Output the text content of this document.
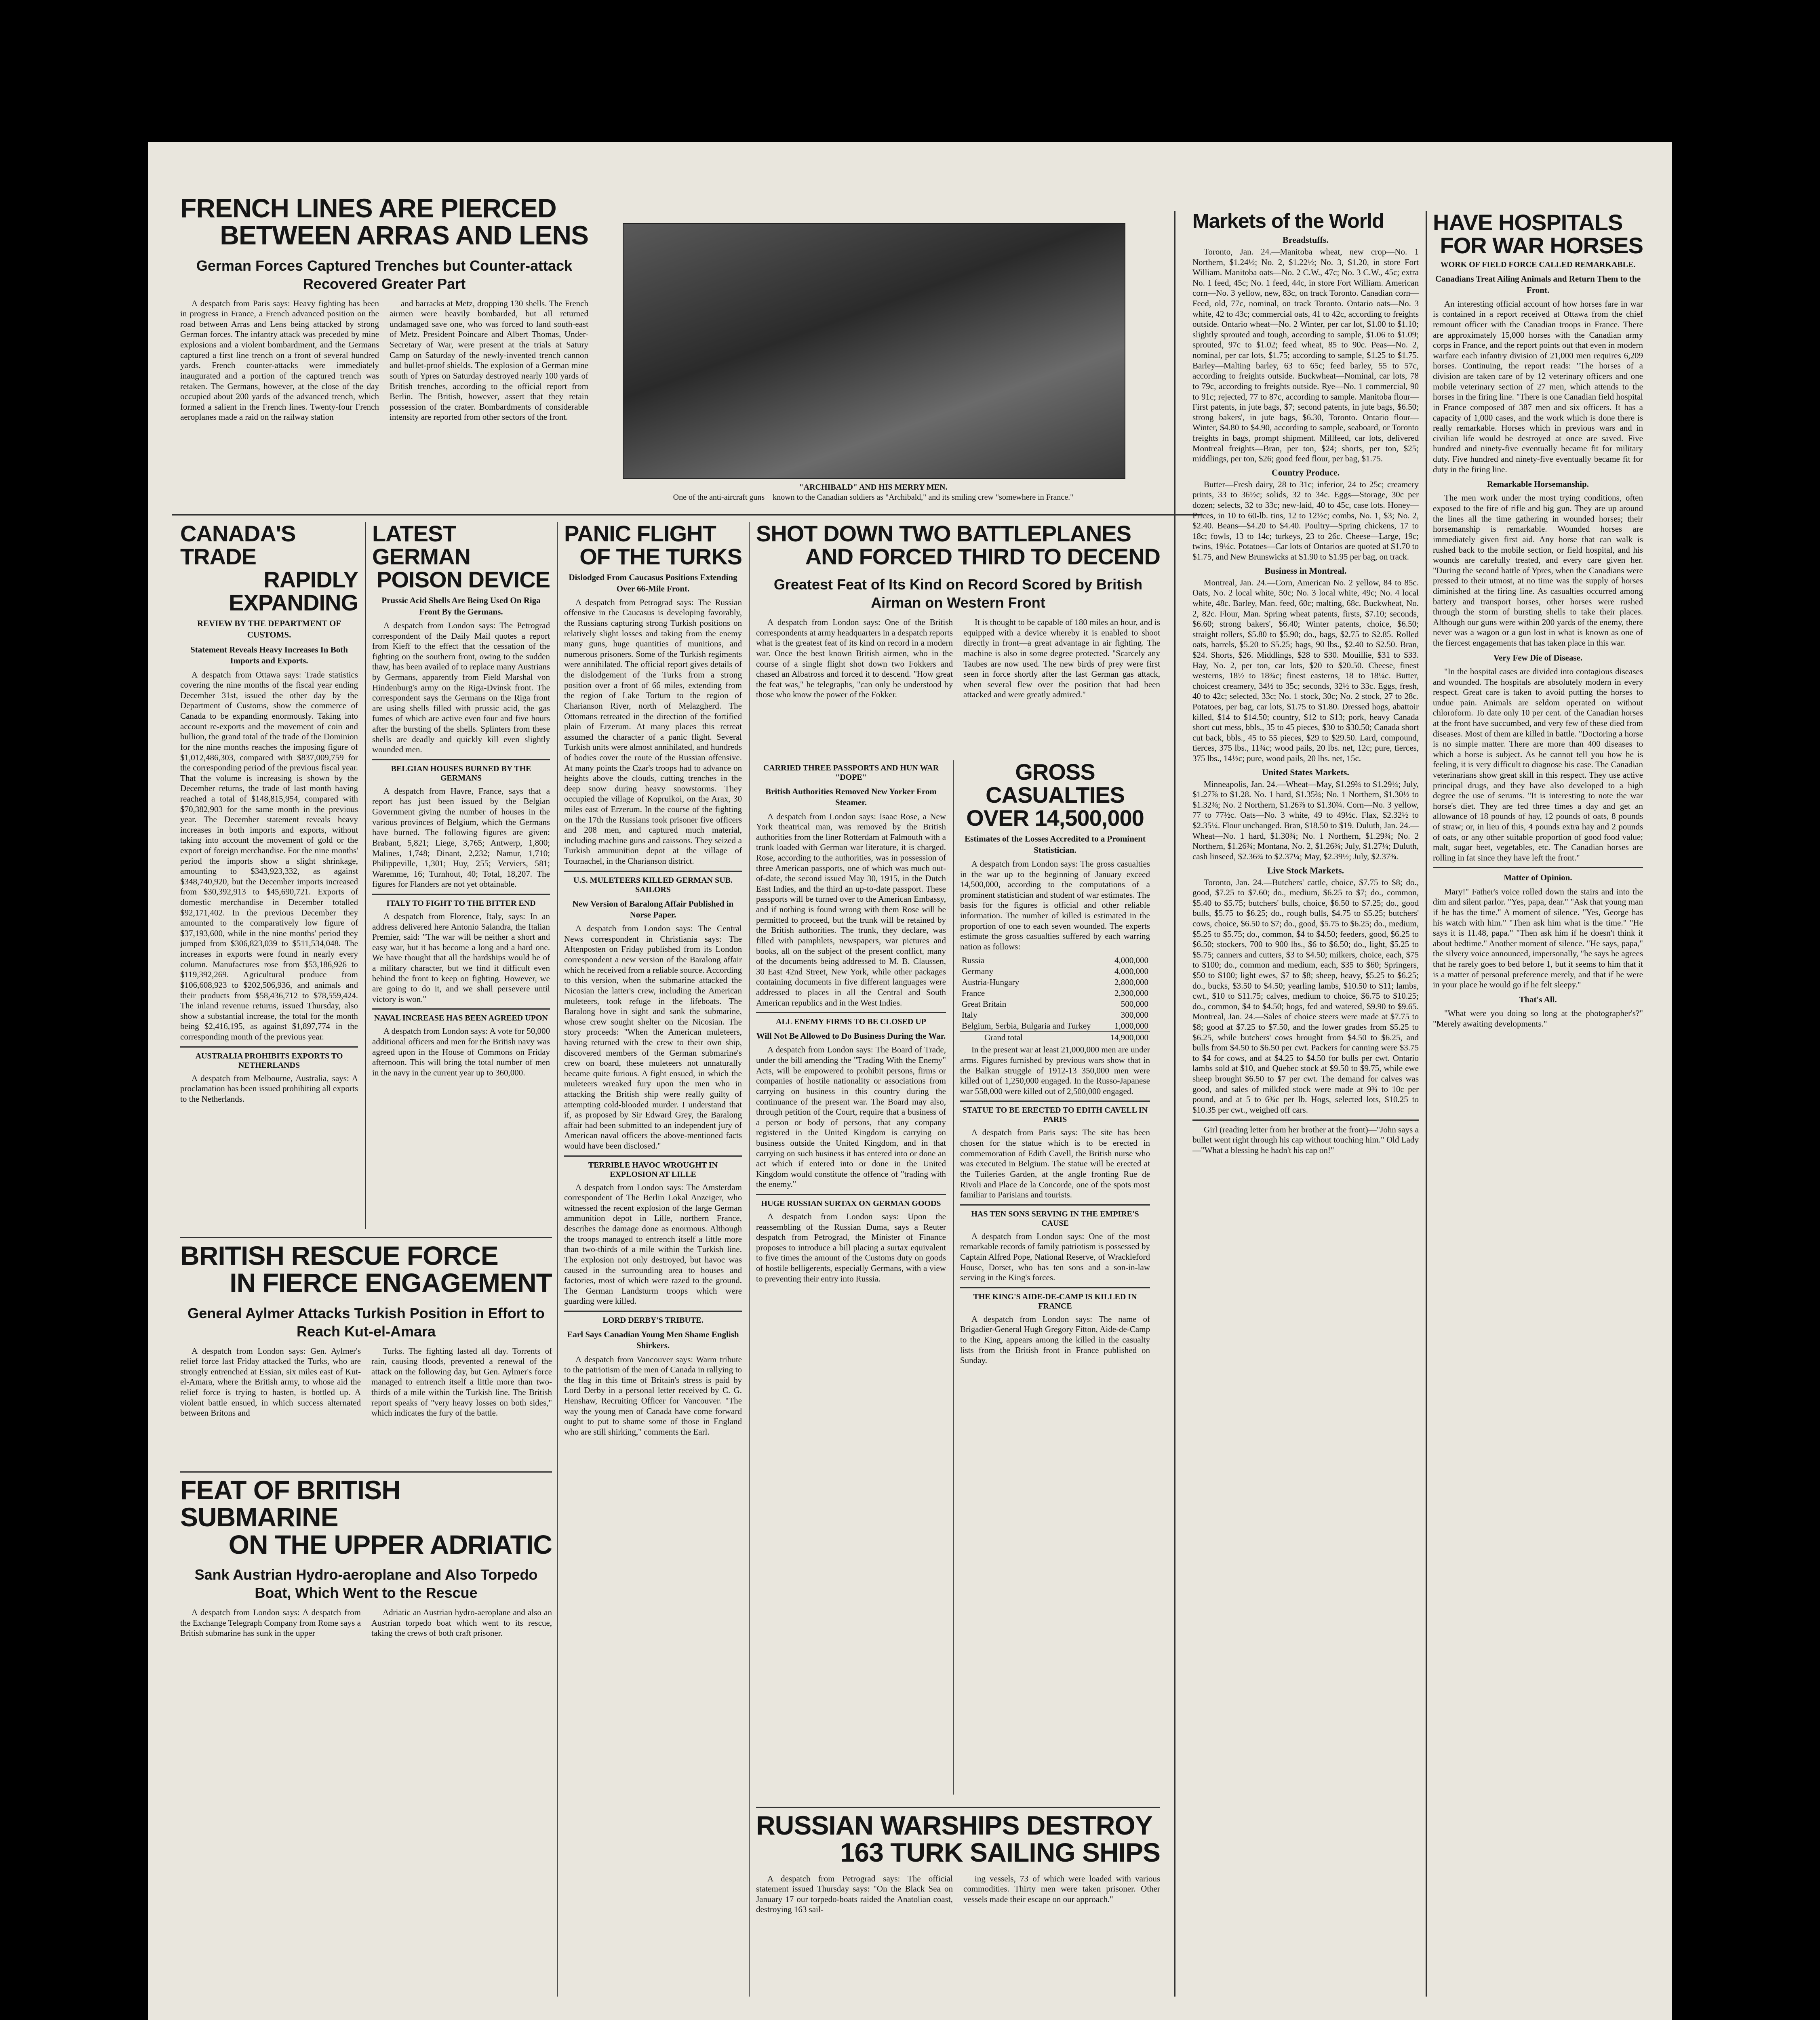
FRENCH LINES ARE PIERCED
BETWEEN ARRAS AND LENS
German Forces Captured Trenches but Counter-attack Recovered Greater Part

A despatch from Paris says: Heavy fighting has been in progress in France, a French advanced position on the road between Arras and Lens being attacked by strong German forces. The infantry attack was preceded by mine explosions and a violent bombardment, and the Germans captured a first line trench on a front of several hundred yards. French counter-attacks were immediately inaugurated and a portion of the captured trench was retaken. The Germans, however, at the close of the day occupied about 200 yards of the advanced trench, which formed a salient in the French lines. Twenty-four French aeroplanes made a raid on the railway station

and barracks at Metz, dropping 130 shells. The French airmen were heavily bombarded, but all returned undamaged save one, who was forced to land south-east of Metz. President Poincare and Albert Thomas, Under-Secretary of War, were present at the trials at Satury Camp on Saturday of the newly-invented trench cannon and bullet-proof shields. The explosion of a German mine south of Ypres on Saturday destroyed nearly 100 yards of British trenches, according to the official report from Berlin. The British, however, assert that they retain possession of the crater. Bombardments of considerable intensity are reported from other sectors of the front.

"ARCHIBALD" AND HIS MERRY MEN.
One of the anti-aircraft guns—known to the Canadian soldiers as "Archibald," and its smiling crew "somewhere in France."
CANADA'S TRADE
RAPIDLY EXPANDING
REVIEW BY THE DEPARTMENT OF CUSTOMS.
Statement Reveals Heavy Increases In Both Imports and Exports.

A despatch from Ottawa says: Trade statistics covering the nine months of the fiscal year ending December 31st, issued the other day by the Department of Customs, show the commerce of Canada to be expanding enormously. Taking into account re-exports and the movement of coin and bullion, the grand total of the trade of the Dominion for the nine months reaches the imposing figure of $1,012,486,303, compared with $837,009,759 for the corresponding period of the previous fiscal year. That the volume is increasing is shown by the December returns, the trade of last month having reached a total of $148,815,954, compared with $70,382,903 for the same month in the previous year. The December statement reveals heavy increases in both imports and exports, without taking into account the movement of gold or the export of foreign merchandise. For the nine months' period the imports show a slight shrinkage, amounting to $343,923,332, as against $348,740,920, but the December imports increased from $30,392,913 to $45,690,721. Exports of domestic merchandise in December totalled $92,171,402. In the previous December they amounted to the comparatively low figure of $37,193,600, while in the nine months' period they jumped from $306,823,039 to $511,534,048. The increases in exports were found in nearly every column. Manufactures rose from $53,186,926 to $119,392,269. Agricultural produce from $106,608,923 to $202,506,936, and animals and their products from $58,436,712 to $78,559,424. The inland revenue returns, issued Thursday, also show a substantial increase, the total for the month being $2,416,195, as against $1,897,774 in the corresponding month of the previous year.

AUSTRALIA PROHIBITS EXPORTS TO NETHERLANDS

A despatch from Melbourne, Australia, says: A proclamation has been issued prohibiting all exports to the Netherlands.

LATEST GERMAN
POISON DEVICE
Prussic Acid Shells Are Being Used On Riga Front By the Germans.

A despatch from London says: The Petrograd correspondent of the Daily Mail quotes a report from Kieff to the effect that the cessation of the fighting on the southern front, owing to the sudden thaw, has been availed of to replace many Austrians by Germans, apparently from Field Marshal von Hindenburg's army on the Riga-Dvinsk front. The correspondent says the Germans on the Riga front are using shells filled with prussic acid, the gas fumes of which are active even four and five hours after the bursting of the shells. Splinters from these shells are deadly and quickly kill even slightly wounded men.

BELGIAN HOUSES BURNED BY THE GERMANS

A despatch from Havre, France, says that a report has just been issued by the Belgian Government giving the number of houses in the various provinces of Belgium, which the Germans have burned. The following figures are given: Brabant, 5,821; Liege, 3,765; Antwerp, 1,800; Malines, 1,748; Dinant, 2,232; Namur, 1,710; Philippeville, 1,301; Huy, 255; Verviers, 581; Waremme, 16; Turnhout, 40; Total, 18,207. The figures for Flanders are not yet obtainable.

ITALY TO FIGHT TO THE BITTER END

A despatch from Florence, Italy, says: In an address delivered here Antonio Salandra, the Italian Premier, said: "The war will be neither a short and easy war, but it has become a long and a hard one. We have thought that all the hardships would be of a military character, but we find it difficult even behind the front to keep on fighting. However, we are going to do it, and we shall persevere until victory is won."

NAVAL INCREASE HAS BEEN AGREED UPON

A despatch from London says: A vote for 50,000 additional officers and men for the British navy was agreed upon in the House of Commons on Friday afternoon. This will bring the total number of men in the navy in the current year up to 360,000.

PANIC FLIGHT
OF THE TURKS
Dislodged From Caucasus Positions Extending Over 66-Mile Front.

A despatch from Petrograd says: The Russian offensive in the Caucasus is developing favorably, the Russians capturing strong Turkish positions on relatively slight losses and taking from the enemy many guns, huge quantities of munitions, and numerous prisoners. Some of the Turkish regiments were annihilated. The official report gives details of the dislodgement of the Turks from a strong position over a front of 66 miles, extending from the region of Lake Tortum to the region of Charianson River, north of Melazgherd. The Ottomans retreated in the direction of the fortified plain of Erzerum. At many places this retreat assumed the character of a panic flight. Several Turkish units were almost annihilated, and hundreds of bodies cover the route of the Russian offensive. At many points the Czar's troops had to advance on heights above the clouds, cutting trenches in the deep snow during heavy snowstorms. They occupied the village of Kopruikoi, on the Arax, 30 miles east of Erzerum. In the course of the fighting on the 17th the Russians took prisoner five officers and 208 men, and captured much material, including machine guns and caissons. They seized a Turkish ammunition depot at the village of Tournachel, in the Charianson district.

U.S. MULETEERS KILLED GERMAN SUB. SAILORS
New Version of Baralong Affair Published in Norse Paper.

A despatch from London says: The Central News correspondent in Christiania says: The Aftenposten on Friday published from its London correspondent a new version of the Baralong affair which he received from a reliable source. According to this version, when the submarine attacked the Nicosian the latter's crew, including the American muleteers, took refuge in the lifeboats. The Baralong hove in sight and sank the submarine, whose crew sought shelter on the Nicosian. The story proceeds: "When the American muleteers, having returned with the crew to their own ship, discovered members of the German submarine's crew on board, these muleteers not unnaturally became quite furious. A fight ensued, in which the muleteers wreaked fury upon the men who in attacking the British ship were really guilty of attempting cold-blooded murder. I understand that if, as proposed by Sir Edward Grey, the Baralong affair had been submitted to an independent jury of American naval officers the above-mentioned facts would have been disclosed."

TERRIBLE HAVOC WROUGHT IN EXPLOSION AT LILLE

A despatch from London says: The Amsterdam correspondent of The Berlin Lokal Anzeiger, who witnessed the recent explosion of the large German ammunition depot in Lille, northern France, describes the damage done as enormous. Although the troops managed to entrench itself a little more than two-thirds of a mile within the Turkish line. The explosion not only destroyed, but havoc was caused in the surrounding area to houses and factories, most of which were razed to the ground. The German Landsturm troops which were guarding were killed.

LORD DERBY'S TRIBUTE.
Earl Says Canadian Young Men Shame English Shirkers.

A despatch from Vancouver says: Warm tribute to the patriotism of the men of Canada in rallying to the flag in this time of Britain's stress is paid by Lord Derby in a personal letter received by C. G. Henshaw, Recruiting Officer for Vancouver. "The way the young men of Canada have come forward ought to put to shame some of those in England who are still shirking," comments the Earl.

SHOT DOWN TWO BATTLEPLANES
AND FORCED THIRD TO DECEND
Greatest Feat of Its Kind on Record Scored by British Airman on Western Front

A despatch from London says: One of the British correspondents at army headquarters in a despatch reports what is the greatest feat of its kind on record in a modern war. Once the best known British airmen, who in the course of a single flight shot down two Fokkers and chased an Albatross and forced it to descend. "How great the feat was," he telegraphs, "can only be understood by those who know the power of the Fokker.

It is thought to be capable of 180 miles an hour, and is equipped with a device whereby it is enabled to shoot directly in front—a great advantage in air fighting. The machine is also in some degree protected. "Scarcely any Taubes are now used. The new birds of prey were first seen in force shortly after the last German gas attack, when several flew over the position that had been attacked and were greatly admired."

CARRIED THREE PASSPORTS AND HUN WAR "DOPE"
British Authorities Removed New Yorker From Steamer.

A despatch from London says: Isaac Rose, a New York theatrical man, was removed by the British authorities from the liner Rotterdam at Falmouth with a trunk loaded with German war literature, it is charged. Rose, according to the authorities, was in possession of three American passports, one of which was much out-of-date, the second issued May 30, 1915, in the Dutch East Indies, and the third an up-to-date passport. These passports will be turned over to the American Embassy, and if nothing is found wrong with them Rose will be permitted to proceed, but the trunk will be retained by the British authorities. The trunk, they declare, was filled with pamphlets, newspapers, war pictures and books, all on the subject of the present conflict, many of the documents being addressed to M. B. Claussen, 30 East 42nd Street, New York, while other packages containing documents in five different languages were addressed to places in all the Central and South American republics and in the West Indies.

ALL ENEMY FIRMS TO BE CLOSED UP
Will Not Be Allowed to Do Business During the War.

A despatch from London says: The Board of Trade, under the bill amending the "Trading With the Enemy" Acts, will be empowered to prohibit persons, firms or companies of hostile nationality or associations from carrying on business in this country during the continuance of the present war. The Board may also, through petition of the Court, require that a business of a person or body of persons, that any company registered in the United Kingdom is carrying on business outside the United Kingdom, and in that carrying on such business it has entered into or done an act which if entered into or done in the United Kingdom would constitute the offence of "trading with the enemy."

HUGE RUSSIAN SURTAX ON GERMAN GOODS

A despatch from London says: Upon the reassembling of the Russian Duma, says a Reuter despatch from Petrograd, the Minister of Finance proposes to introduce a bill placing a surtax equivalent to five times the amount of the Customs duty on goods of hostile belligerents, especially Germans, with a view to preventing their entry into Russia.

GROSS CASUALTIES
OVER 14,500,000
Estimates of the Losses Accredited to a Prominent Statistician.

A despatch from London says: The gross casualties in the war up to the beginning of January exceed 14,500,000, according to the computations of a prominent statistician and student of war estimates. The basis for the figures is official and other reliable information. The number of killed is estimated in the proportion of one to each seven wounded. The experts estimate the gross casualties suffered by each warring nation as follows:

Russia	4,000,000
Germany	4,000,000
Austria-Hungary	2,800,000
France	2,300,000
Great Britain	500,000
Italy	300,000
Belgium, Serbia, Bulgaria and Turkey	1,000,000
Grand total	14,900,000

In the present war at least 21,000,000 men are under arms. Figures furnished by previous wars show that in the Balkan struggle of 1912-13 350,000 men were killed out of 1,250,000 engaged. In the Russo-Japanese war 558,000 were killed out of 2,500,000 engaged.

STATUE TO BE ERECTED TO EDITH CAVELL IN PARIS

A despatch from Paris says: The site has been chosen for the statue which is to be erected in commemoration of Edith Cavell, the British nurse who was executed in Belgium. The statue will be erected at the Tuileries Garden, at the angle fronting Rue de Rivoli and Place de la Concorde, one of the spots most familiar to Parisians and tourists.

HAS TEN SONS SERVING IN THE EMPIRE'S CAUSE

A despatch from London says: One of the most remarkable records of family patriotism is possessed by Captain Alfred Pope, National Reserve, of Wrackleford House, Dorset, who has ten sons and a son-in-law serving in the King's forces.

THE KING'S AIDE-DE-CAMP IS KILLED IN FRANCE

A despatch from London says: The name of Brigadier-General Hugh Gregory Fitton, Aide-de-Camp to the King, appears among the killed in the casualty lists from the British front in France published on Sunday.

Markets of the World
Breadstuffs.

Toronto, Jan. 24.—Manitoba wheat, new crop—No. 1 Northern, $1.24½; No. 2, $1.22½; No. 3, $1.20, in store Fort William. Manitoba oats—No. 2 C.W., 47c; No. 3 C.W., 45c; extra No. 1 feed, 45c; No. 1 feed, 44c, in store Fort William. American corn—No. 3 yellow, new, 83c, on track Toronto. Canadian corn—Feed, old, 77c, nominal, on track Toronto. Ontario oats—No. 3 white, 42 to 43c; commercial oats, 41 to 42c, according to freights outside. Ontario wheat—No. 2 Winter, per car lot, $1.00 to $1.10; slightly sprouted and tough, according to sample, $1.06 to $1.09; sprouted, 97c to $1.02; feed wheat, 85 to 90c. Peas—No. 2, nominal, per car lots, $1.75; according to sample, $1.25 to $1.75. Barley—Malting barley, 63 to 65c; feed barley, 55 to 57c, according to freights outside. Buckwheat—Nominal, car lots, 78 to 79c, according to freights outside. Rye—No. 1 commercial, 90 to 91c; rejected, 77 to 87c, according to sample. Manitoba flour—First patents, in jute bags, $7; second patents, in jute bags, $6.50; strong bakers', in jute bags, $6.30, Toronto. Ontario flour—Winter, $4.80 to $4.90, according to sample, seaboard, or Toronto freights in bags, prompt shipment. Millfeed, car lots, delivered Montreal freights—Bran, per ton, $24; shorts, per ton, $25; middlings, per ton, $26; good feed flour, per bag, $1.75.

Country Produce.

Butter—Fresh dairy, 28 to 31c; inferior, 24 to 25c; creamery prints, 33 to 36½c; solids, 32 to 34c. Eggs—Storage, 30c per dozen; selects, 32 to 33c; new-laid, 40 to 45c, case lots. Honey—Prices, in 10 to 60-lb. tins, 12 to 12½c; combs, No. 1, $3; No. 2, $2.40. Beans—$4.20 to $4.40. Poultry—Spring chickens, 17 to 18c; fowls, 13 to 14c; turkeys, 23 to 26c. Cheese—Large, 19c; twins, 19¼c. Potatoes—Car lots of Ontarios are quoted at $1.70 to $1.75, and New Brunswicks at $1.90 to $1.95 per bag, on track.

Business in Montreal.

Montreal, Jan. 24.—Corn, American No. 2 yellow, 84 to 85c. Oats, No. 2 local white, 50c; No. 3 local white, 49c; No. 4 local white, 48c. Barley, Man. feed, 60c; malting, 68c. Buckwheat, No. 2, 82c. Flour, Man. Spring wheat patents, firsts, $7.10; seconds, $6.60; strong bakers', $6.40; Winter patents, choice, $6.50; straight rollers, $5.80 to $5.90; do., bags, $2.75 to $2.85. Rolled oats, barrels, $5.20 to $5.25; bags, 90 lbs., $2.40 to $2.50. Bran, $24. Shorts, $26. Middlings, $28 to $30. Mouillie, $31 to $33. Hay, No. 2, per ton, car lots, $20 to $20.50. Cheese, finest westerns, 18½ to 18¾c; finest easterns, 18 to 18¼c. Butter, choicest creamery, 34½ to 35c; seconds, 32½ to 33c. Eggs, fresh, 40 to 42c; selected, 33c; No. 1 stock, 30c; No. 2 stock, 27 to 28c. Potatoes, per bag, car lots, $1.75 to $1.80. Dressed hogs, abattoir killed, $14 to $14.50; country, $12 to $13; pork, heavy Canada short cut mess, bbls., 35 to 45 pieces, $30 to $30.50; Canada short cut back, bbls., 45 to 55 pieces, $29 to $29.50. Lard, compound, tierces, 375 lbs., 11¾c; wood pails, 20 lbs. net, 12c; pure, tierces, 375 lbs., 14½c; pure, wood pails, 20 lbs. net, 15c.

United States Markets.

Minneapolis, Jan. 24.—Wheat—May, $1.29¾ to $1.29¼; July, $1.27⅞ to $1.28. No. 1 hard, $1.35¾; No. 1 Northern, $1.30½ to $1.32⅜; No. 2 Northern, $1.26⅞ to $1.30¾. Corn—No. 3 yellow, 77 to 77½c. Oats—No. 3 white, 49 to 49½c. Flax, $2.32½ to $2.35¼. Flour unchanged. Bran, $18.50 to $19. Duluth, Jan. 24.—Wheat—No. 1 hard, $1.30¾; No. 1 Northern, $1.29¾; No. 2 Northern, $1.26¾; Montana, No. 2, $1.26¾; July, $1.27¼; Duluth, cash linseed, $2.36¾ to $2.37¼; May, $2.39½; July, $2.37¾.

Live Stock Markets.

Toronto, Jan. 24.—Butchers' cattle, choice, $7.75 to $8; do., good, $7.25 to $7.60; do., medium, $6.25 to $7; do., common, $5.40 to $5.75; butchers' bulls, choice, $6.50 to $7.25; do., good bulls, $5.75 to $6.25; do., rough bulls, $4.75 to $5.25; butchers' cows, choice, $6.50 to $7; do., good, $5.75 to $6.25; do., medium, $5.25 to $5.75; do., common, $4 to $4.50; feeders, good, $6.25 to $6.50; stockers, 700 to 900 lbs., $6 to $6.50; do., light, $5.25 to $5.75; canners and cutters, $3 to $4.50; milkers, choice, each, $75 to $100; do., common and medium, each, $35 to $60; Springers, $50 to $100; light ewes, $7 to $8; sheep, heavy, $5.25 to $6.25; do., bucks, $3.50 to $4.50; yearling lambs, $10.50 to $11; lambs, cwt., $10 to $11.75; calves, medium to choice, $6.75 to $10.25; do., common, $4 to $4.50; hogs, fed and watered, $9.90 to $9.65. Montreal, Jan. 24.—Sales of choice steers were made at $7.75 to $8; good at $7.25 to $7.50, and the lower grades from $5.25 to $6.25, while butchers' cows brought from $4.50 to $6.25, and bulls from $4.50 to $6.50 per cwt. Packers for canning were $3.75 to $4 for cows, and at $4.25 to $4.50 for bulls per cwt. Ontario lambs sold at $10, and Quebec stock at $9.50 to $9.75, while ewe sheep brought $6.50 to $7 per cwt. The demand for calves was good, and sales of milkfed stock were made at 9¾ to 10c per pound, and at 5 to 6¾c per lb. Hogs, selected lots, $10.25 to $10.35 per cwt., weighed off cars.

Girl (reading letter from her brother at the front)—"John says a bullet went right through his cap without touching him." Old Lady—"What a blessing he hadn't his cap on!"

HAVE HOSPITALS
FOR WAR HORSES
WORK OF FIELD FORCE CALLED REMARKABLE.
Canadians Treat Ailing Animals and Return Them to the Front.

An interesting official account of how horses fare in war is contained in a report received at Ottawa from the chief remount officer with the Canadian troops in France. There are approximately 15,000 horses with the Canadian army corps in France, and the report points out that even in modern warfare each infantry division of 21,000 men requires 6,209 horses. Continuing, the report reads: "The horses of a division are taken care of by 12 veterinary officers and one mobile veterinary section of 27 men, which attends to the horses in the firing line. "There is one Canadian field hospital in France composed of 387 men and six officers. It has a capacity of 1,000 cases, and the work which is done there is really remarkable. Horses which in previous wars and in civilian life would be destroyed at once are saved. Five hundred and ninety-five eventually became fit for military duty. Five hundred and ninety-five eventually became fit for duty in the firing line.

Remarkable Horsemanship.

The men work under the most trying conditions, often exposed to the fire of rifle and big gun. They are up around the lines all the time gathering in wounded horses; their horsemanship is remarkable. Wounded horses are immediately given first aid. Any horse that can walk is rushed back to the mobile section, or field hospital, and his wounds are carefully treated, and every care given her. "During the second battle of Ypres, when the Canadians were pressed to their utmost, at no time was the supply of horses diminished at the firing line. As casualties occurred among battery and transport horses, other horses were rushed through the storm of bursting shells to take their places. Although our guns were within 200 yards of the enemy, there never was a wagon or a gun lost in what is known as one of the fiercest engagements that has taken place in this war.

Very Few Die of Disease.

"In the hospital cases are divided into contagious diseases and wounded. The hospitals are absolutely modern in every respect. Great care is taken to avoid putting the horses to undue pain. Animals are seldom operated on without chloroform. To date only 10 per cent. of the Canadian horses at the front have succumbed, and very few of these died from diseases. Most of them are killed in battle. "Doctoring a horse is no simple matter. There are more than 400 diseases to which a horse is subject. As he cannot tell you how he is feeling, it is very difficult to diagnose his case. The Canadian veterinarians show great skill in this respect. They use active principal drugs, and they have also developed to a high degree the use of serums. "It is interesting to note the war horse's diet. They are fed three times a day and get an allowance of 18 pounds of hay, 12 pounds of oats, 8 pounds of straw; or, in lieu of this, 4 pounds extra hay and 2 pounds of oats, or any other suitable proportion of good food value; malt, sugar beet, vegetables, etc. The Canadian horses are rolling in fat since they have left the front."

Matter of Opinion.

Mary!" Father's voice rolled down the stairs and into the dim and silent parlor. "Yes, papa, dear." "Ask that young man if he has the time." A moment of silence. "Yes, George has his watch with him." "Then ask him what is the time." "He says it is 11.48, papa." "Then ask him if he doesn't think it about bedtime." Another moment of silence. "He says, papa," the silvery voice announced, impersonally, "he says he agrees that he rarely goes to bed before 1, but it seems to him that it is a matter of personal preference merely, and that if he were in your place he would go if he felt sleepy."

That's All.

"What were you doing so long at the photographer's?" "Merely awaiting developments."

BRITISH RESCUE FORCE
IN FIERCE ENGAGEMENT
General Aylmer Attacks Turkish Position in Effort to Reach Kut-el-Amara

A despatch from London says: Gen. Aylmer's relief force last Friday attacked the Turks, who are strongly entrenched at Essian, six miles east of Kut-el-Amara, where the British army, to whose aid the relief force is trying to hasten, is bottled up. A violent battle ensued, in which success alternated between Britons and

Turks. The fighting lasted all day. Torrents of rain, causing floods, prevented a renewal of the attack on the following day, but Gen. Aylmer's force managed to entrench itself a little more than two-thirds of a mile within the Turkish line. The British report speaks of "very heavy losses on both sides," which indicates the fury of the battle.

FEAT OF BRITISH SUBMARINE
ON THE UPPER ADRIATIC
Sank Austrian Hydro-aeroplane and Also Torpedo Boat, Which Went to the Rescue

A despatch from London says: A despatch from the Exchange Telegraph Company from Rome says a British submarine has sunk in the upper

Adriatic an Austrian hydro-aeroplane and also an Austrian torpedo boat which went to its rescue, taking the crews of both craft prisoner.

RUSSIAN WARSHIPS DESTROY
163 TURK SAILING SHIPS

A despatch from Petrograd says: The official statement issued Thursday says: "On the Black Sea on January 17 our torpedo-boats raided the Anatolian coast, destroying 163 sail-

ing vessels, 73 of which were loaded with various commodities. Thirty men were taken prisoner. Other vessels made their escape on our approach."
